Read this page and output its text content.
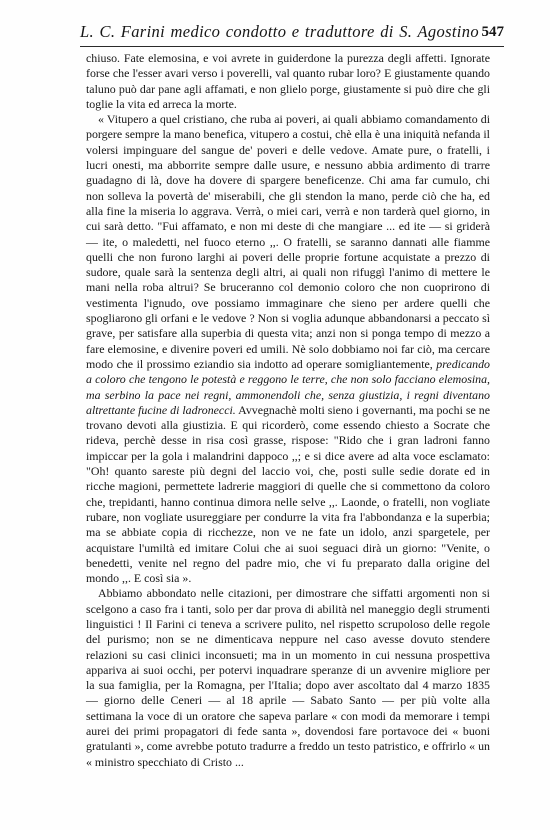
L. C. Farini medico condotto e traduttore di S. Agostino 547

chiuso. Fate elemosina, e voi avrete in guiderdone la purezza degli affetti. Ignorate forse che l'esser avari verso i poverelli, val quanto rubar loro? E giustamente quando taluno può dar pane agli affamati, e non glielo porge, giustamente si può dire che gli toglie la vita ed arreca la morte.

« Vitupero a quel cristiano, che ruba ai poveri, ai quali abbiamo comandamento di porgere sempre la mano benefica, vitupero a costui, chè ella è una iniquità nefanda il volersi impinguare del sangue de' poveri e delle vedove. Amate pure, o fratelli, i lucri onesti, ma abborrite sempre dalle usure, e nessuno abbia ardimento di trarre guadagno di là, dove ha dovere di spargere beneficenze. Chi ama far cumulo, chi non solleva la povertà de' miserabili, che gli stendon la mano, perde ciò che ha, ed alla fine la miseria lo aggrava. Verrà, o miei cari, verrà e non tarderà quel giorno, in cui sarà detto. "Fui affamato, e non mi deste di che mangiare ... ed ite — si griderà — ite, o maledetti, nel fuoco eterno ,,. O fratelli, se saranno dannati alle fiamme quelli che non furono larghi ai poveri delle proprie fortune acquistate a prezzo di sudore, quale sarà la sentenza degli altri, ai quali non rifuggì l'animo di mettere le mani nella roba altrui? Se bruceranno col demonio coloro che non cuoprirono di vestimenta l'ignudo, ove possiamo immaginare che sieno per ardere quelli che spogliarono gli orfani e le vedove ? Non si voglia adunque abbandonarsi a peccato sì grave, per satisfare alla superbia di questa vita; anzi non si ponga tempo di mezzo a fare elemosine, e divenire poveri ed umili. Nè solo dobbiamo noi far ciò, ma cercare modo che il prossimo eziandio sia indotto ad operare somigliantemente, predicando a coloro che tengono le potestà e reggono le terre, che non solo facciano elemosina, ma serbino la pace nei regni, ammonendoli che, senza giustizia, i regni diventano altrettante fucine di ladronecci. Avvegnachè molti sieno i governanti, ma pochi se ne trovano devoti alla giustizia. E qui ricorderò, come essendo chiesto a Socrate che rideva, perchè desse in risa così grasse, rispose: "Rido che i gran ladroni fanno impiccar per la gola i malandrini dappoco ,,; e si dice avere ad alta voce esclamato: "Oh! quanto sareste più degni del laccio voi, che, posti sulle sedie dorate ed in ricche magioni, permettete ladrerie maggiori di quelle che si commettono da coloro che, trepidanti, hanno continua dimora nelle selve ,,. Laonde, o fratelli, non vogliate rubare, non vogliate usureggiare per condurre la vita fra l'abbondanza e la superbia; ma se abbiate copia di ricchezze, non ve ne fate un idolo, anzi spargetele, per acquistare l'umiltà ed imitare Colui che ai suoi seguaci dirà un giorno: "Venite, o benedetti, venite nel regno del padre mio, che vi fu preparato dalla origine del mondo ,,. E così sia ».

Abbiamo abbondato nelle citazioni, per dimostrare che siffatti argomenti non si scelgono a caso fra i tanti, solo per dar prova di abilità nel maneggio degli strumenti linguistici ! Il Farini ci teneva a scrivere pulito, nel rispetto scrupoloso delle regole del purismo; non se ne dimenticava neppure nel caso avesse dovuto stendere relazioni su casi clinici inconsueti; ma in un momento in cui nessuna prospettiva appariva ai suoi occhi, per potervi inquadrare speranze di un avvenire migliore per la sua famiglia, per la Romagna, per l'Italia; dopo aver ascoltato dal 4 marzo 1835 — giorno delle Ceneri — al 18 aprile — Sabato Santo — per più volte alla settimana la voce di un oratore che sapeva parlare « con modi da memorare i tempi aurei dei primi propagatori di fede santa », dovendosi fare portavoce dei « buoni gratulanti », come avrebbe potuto tradurre a freddo un testo patristico, e offrirlo « un « ministro specchiato di Cristo ...
